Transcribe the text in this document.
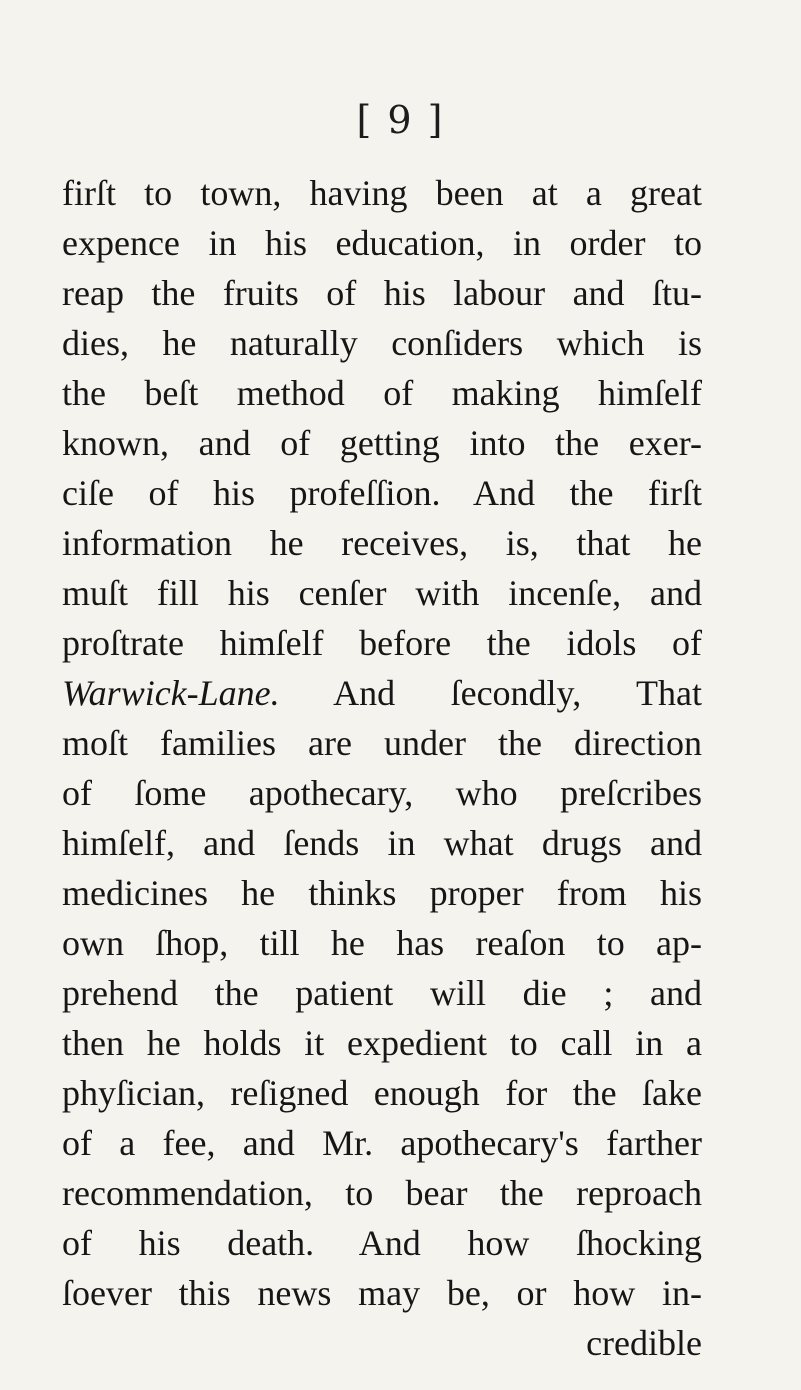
[ 9 ]
firſt to town, having been at a great
expence in his education, in order to
reap the fruits of his labour and ſtu-
dies, he naturally conſiders which is
the beſt method of making himſelf
known, and of getting into the exer-
ciſe of his profeſſion. And the firſt
information he receives, is, that he
muſt fill his cenſer with incenſe, and
proſtrate himſelf before the idols of
Warwick-Lane. And ſecondly, That
moſt families are under the direction
of ſome apothecary, who preſcribes
himſelf, and ſends in what drugs and
medicines he thinks proper from his
own ſhop, till he has reaſon to ap-
prehend the patient will die ; and
then he holds it expedient to call in a
phyſician, reſigned enough for the ſake
of a fee, and Mr. apothecary's farther
recommendation, to bear the reproach
of his death. And how ſhocking
ſoever this news may be, or how in-
credible
